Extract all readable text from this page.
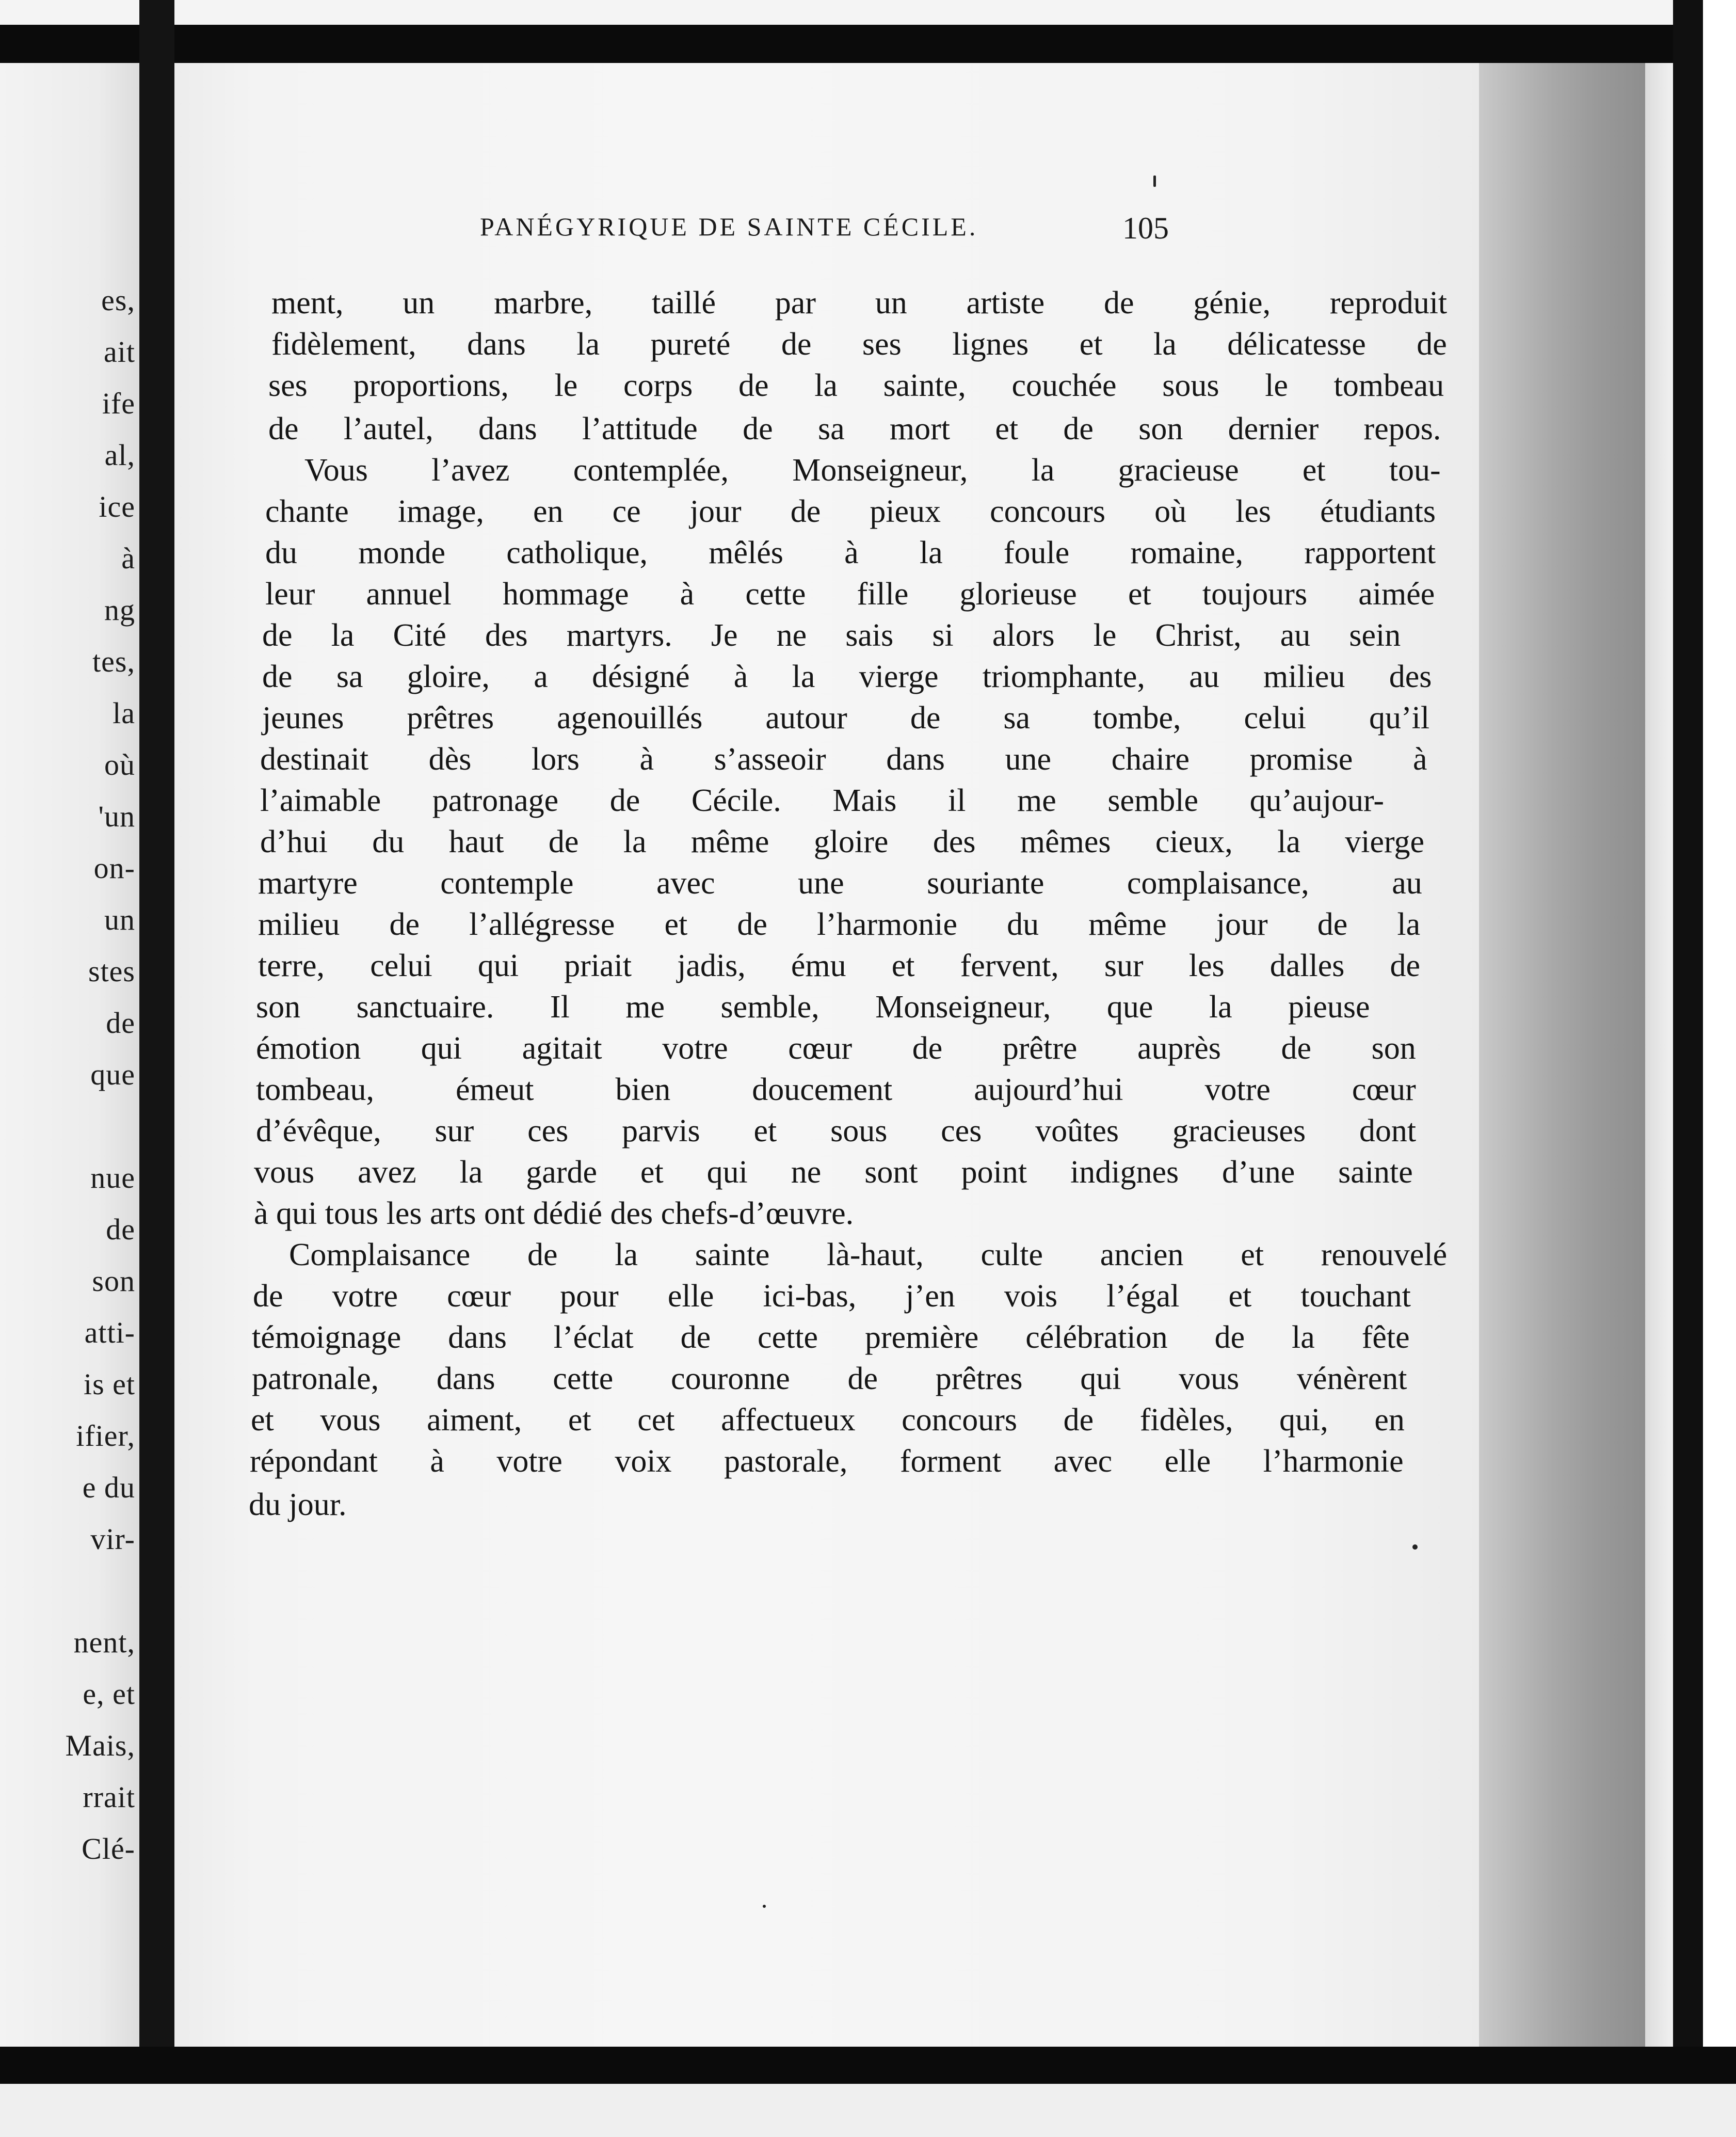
es,
ait
ife
al,
ice
à
ng
tes,
la
où
'un
on-
un
stes
de
que
nue
de
son
atti-
is et
ifier,
e du
vir-
nent,
e, et
Mais,
rrait
Clé-
PANÉGYRIQUE DE SAINTE CÉCILE.	105
ment, un marbre, taillé par un artiste de génie, reproduit
fidèlement, dans la pureté de ses lignes et la délicatesse de
ses proportions, le corps de la sainte, couchée sous le tombeau
de l’autel, dans l’attitude de sa mort et de son dernier repos.
Vous l’avez contemplée, Monseigneur, la gracieuse et tou-
chante image, en ce jour de pieux concours où les étudiants
du monde catholique, mêlés à la foule romaine, rapportent
leur annuel hommage à cette fille glorieuse et toujours aimée
de la Cité des martyrs. Je ne sais si alors le Christ, au sein
de sa gloire, a désigné à la vierge triomphante, au milieu des
jeunes prêtres agenouillés autour de sa tombe, celui qu’il
destinait dès lors à s’asseoir dans une chaire promise à
l’aimable patronage de Cécile. Mais il me semble qu’aujour-
d’hui du haut de la même gloire des mêmes cieux, la vierge
martyre contemple avec une souriante complaisance, au
milieu de l’allégresse et de l’harmonie du même jour de la
terre, celui qui priait jadis, ému et fervent, sur les dalles de
son sanctuaire. Il me semble, Monseigneur, que la pieuse
émotion qui agitait votre cœur de prêtre auprès de son
tombeau, émeut bien doucement aujourd’hui votre cœur
d’évêque, sur ces parvis et sous ces voûtes gracieuses dont
vous avez la garde et qui ne sont point indignes d’une sainte
à qui tous les arts ont dédié des chefs-d’œuvre.
Complaisance de la sainte là-haut, culte ancien et renouvelé
de votre cœur pour elle ici-bas, j’en vois l’égal et touchant
témoignage dans l’éclat de cette première célébration de la fête
patronale, dans cette couronne de prêtres qui vous vénèrent
et vous aiment, et cet affectueux concours de fidèles, qui, en
répondant à votre voix pastorale, forment avec elle l’harmonie
du jour.
